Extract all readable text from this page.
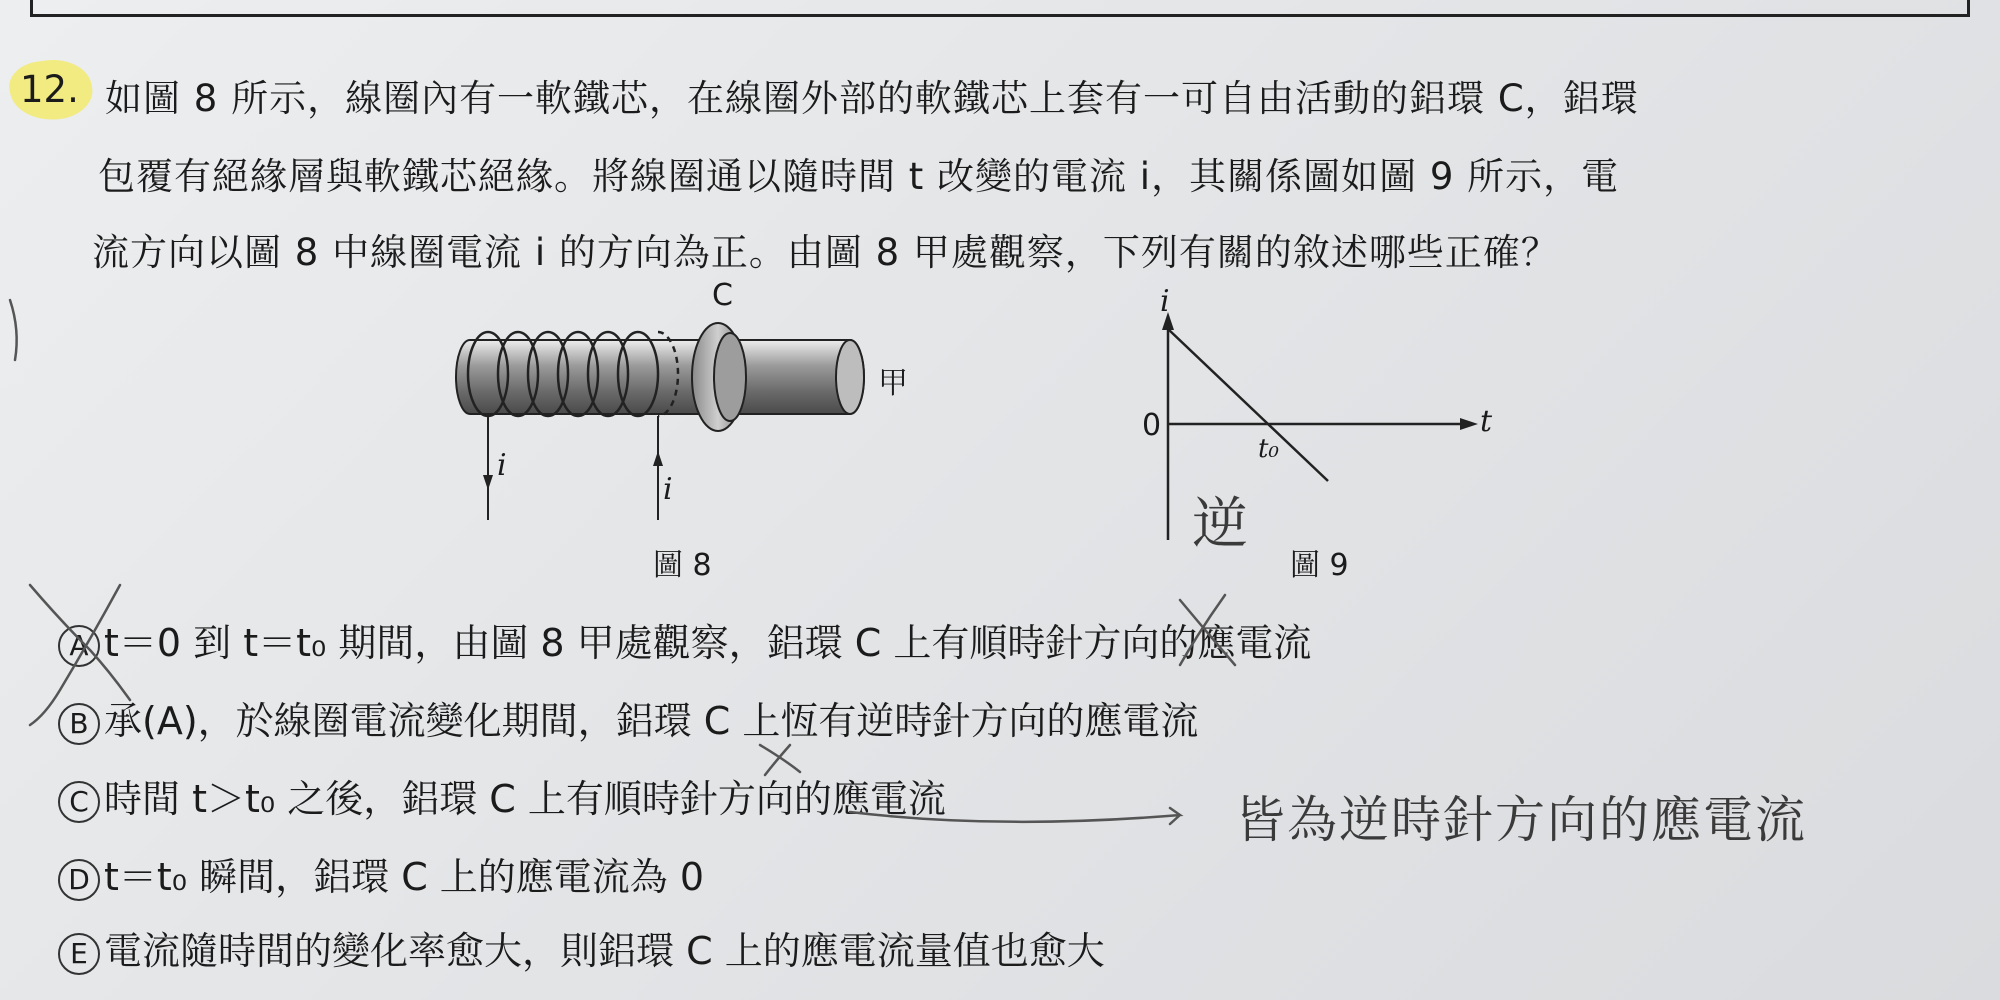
12. 如圖 8 所示，線圈內有一軟鐵芯，在線圈外部的軟鐵芯上套有一可自由活動的鋁環 C，鋁環
包覆有絕緣層與軟鐵芯絕緣。將線圈通以隨時間 t 改變的電流 i，其關係圖如圖 9 所示，電
流方向以圖 8 中線圈電流 i 的方向為正。由圖 8 甲處觀察，下列有關的敘述哪些正確？
C
甲
i
i
圖 8
i
t
0
t₀
圖 9
逆
A t＝0 到 t＝t₀ 期間，由圖 8 甲處觀察，鋁環 C 上有順時針方向的應電流
B 承(A)，於線圈電流變化期間，鋁環 C 上恆有逆時針方向的應電流
C 時間 t＞t₀ 之後，鋁環 C 上有順時針方向的應電流
D t＝t₀ 瞬間，鋁環 C 上的應電流為 0
E 電流隨時間的變化率愈大，則鋁環 C 上的應電流量值也愈大
皆為逆時針方向的應電流
